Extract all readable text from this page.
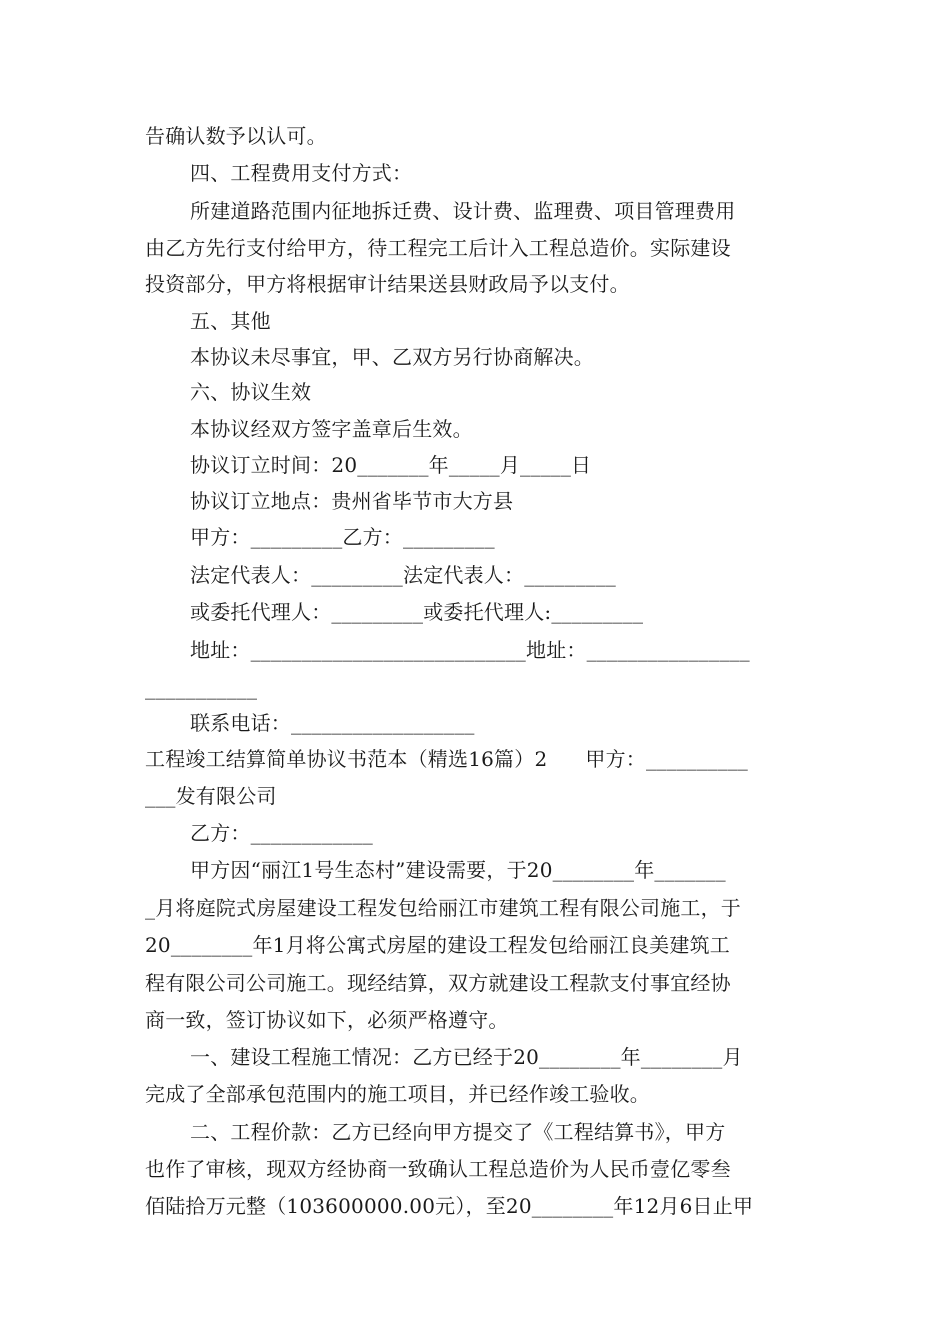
告确认数予以认可。
四、工程费用支付方式：
所建道路范围内征地拆迁费、设计费、监理费、项目管理费用
由乙方先行支付给甲方，待工程完工后计入工程总造价。实际建设
投资部分，甲方将根据审计结果送县财政局予以支付。
五、其他
本协议未尽事宜，甲、乙双方另行协商解决。
六、协议生效
本协议经双方签字盖章后生效。
协议订立时间：20_______年_____月_____日
协议订立地点：贵州省毕节市大方县
甲方：_________乙方：_________
法定代表人：_________法定代表人：_________
或委托代理人：_________或委托代理人:_________
地址：___________________________地址：________________
___________
联系电话：__________________
工程竣工结算简单协议书范本（精选16篇）2 甲方：__________
___发有限公司
乙方：____________
甲方因“丽江1号生态村”建设需要，于20________年_______
_月将庭院式房屋建设工程发包给丽江市建筑工程有限公司施工，于
20________年1月将公寓式房屋的建设工程发包给丽江良美建筑工
程有限公司公司施工。现经结算，双方就建设工程款支付事宜经协
商一致，签订协议如下，必须严格遵守。
一、建设工程施工情况：乙方已经于20________年________月
完成了全部承包范围内的施工项目，并已经作竣工验收。
二、工程价款：乙方已经向甲方提交了《工程结算书》，甲方
也作了审核，现双方经协商一致确认工程总造价为人民币壹亿零叁
佰陆拾万元整（103600000.00元），至20________年12月6日止甲
